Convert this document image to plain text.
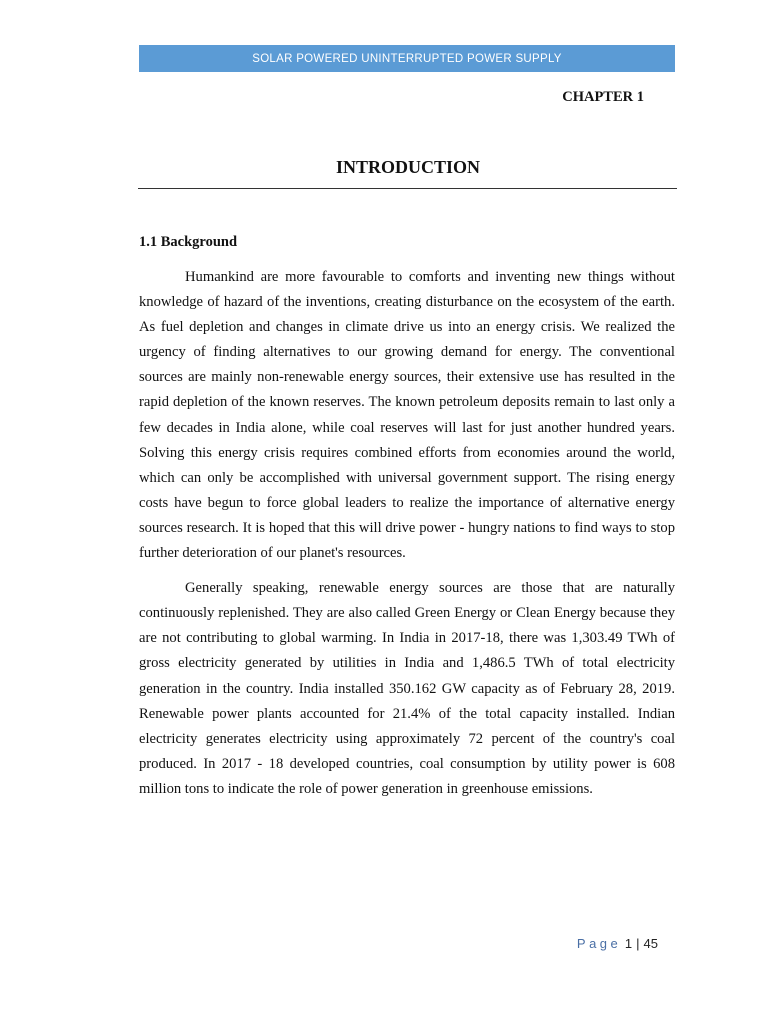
SOLAR POWERED UNINTERRUPTED POWER SUPPLY
CHAPTER 1
INTRODUCTION
1.1 Background

Humankind are more favourable to comforts and inventing new things without knowledge of hazard of the inventions, creating disturbance on the ecosystem of the earth. As fuel depletion and changes in climate drive us into an energy crisis. We realized the urgency of finding alternatives to our growing demand for energy. The conventional sources are mainly non-renewable energy sources, their extensive use has resulted in the rapid depletion of the known reserves. The known petroleum deposits remain to last only a few decades in India alone, while coal reserves will last for just another hundred years. Solving this energy crisis requires combined efforts from economies around the world, which can only be accomplished with universal government support. The rising energy costs have begun to force global leaders to realize the importance of alternative energy sources research. It is hoped that this will drive power - hungry nations to find ways to stop further deterioration of our planet's resources.

Generally speaking, renewable energy sources are those that are naturally continuously replenished. They are also called Green Energy or Clean Energy because they are not contributing to global warming. In India in 2017-18, there was 1,303.49 TWh of gross electricity generated by utilities in India and 1,486.5 TWh of total electricity generation in the country. India installed 350.162 GW capacity as of February 28, 2019. Renewable power plants accounted for 21.4% of the total capacity installed. Indian electricity generates electricity using approximately 72 percent of the country's coal produced. In 2017 - 18 developed countries, coal consumption by utility power is 608 million tons to indicate the role of power generation in greenhouse emissions.

Page 1 | 45
